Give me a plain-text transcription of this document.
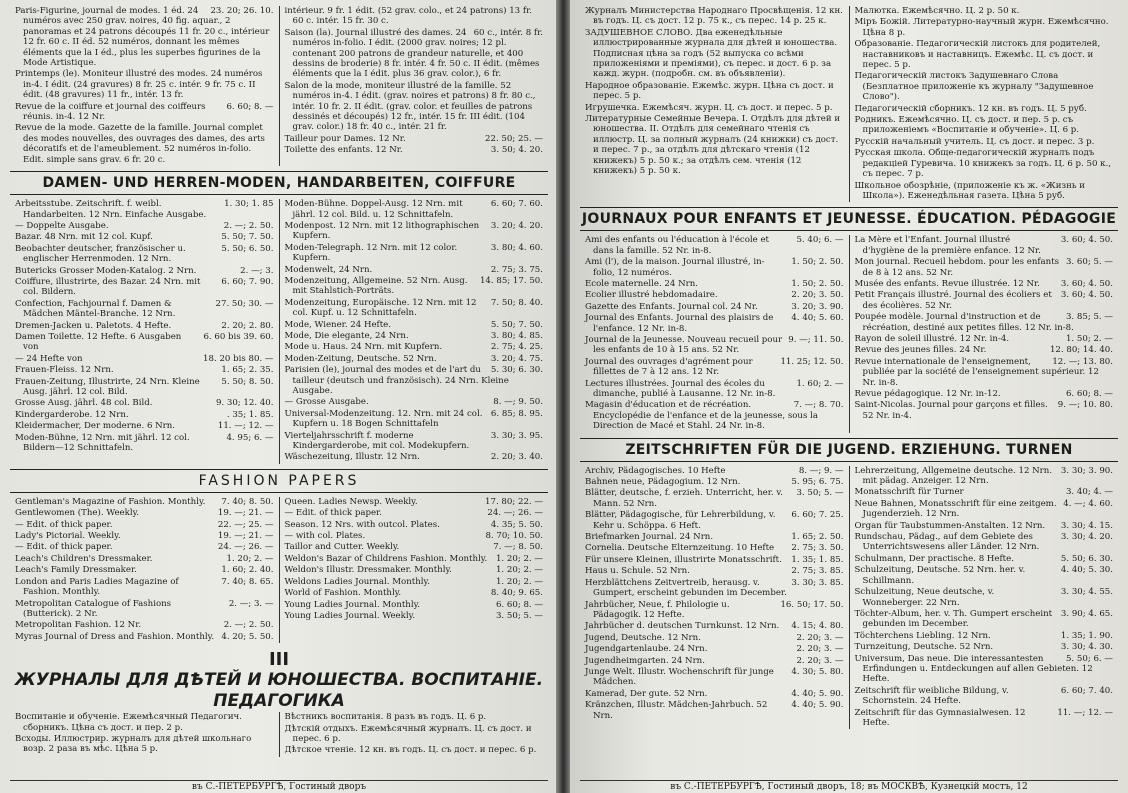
23. 20; 26. 10.
Paris-Figurine, journal de modes. 1 éd. 24 numéros avec 250 grav. noires, 40 fig. aquar., 2 panoramas et 24 patrons découpés 11 fr. 20 c., intérieur 12 fr. 60 c. II éd. 52 numéros, donnant les mêmes éléments que la I éd., plus les superbes figurines de la Mode Artistique.
Printemps (le). Moniteur illustré des modes. 24 numéros in-4. I édit. (24 gravures) 8 fr. 25 c. intér. 9 fr. 75 c. II édit. (48 gravures) 11 fr., intér. 13 fr.
6. 60; 8. —
Revue de la coiffure et journal des coiffeurs réunis. in-4. 12 Nr.
Revue de la mode. Gazette de la famille. Journal complet des modes nouvelles, des ouvrages des dames, des arts décoratifs et de l'ameublement. 52 numéros in-folio. Edit. simple sans grav. 6 fr. 20 c.
intérieur. 9 fr. 1 édit. (52 grav. colo., et 24 patrons) 13 fr. 60 c. intér. 15 fr. 30 c.
60 c., intér. 8 fr.
Saison (la). Journal illustré des dames. 24 numéros in-folio. I édit. (2000 grav. noires; 12 pl. contenant 200 patrons de grandeur naturelle, et 400 dessins de broderie) 8 fr. intér. 4 fr. 50 c. II édit. (mêmes éléments que la I édit. plus 36 grav. color.), 6 fr.
Salon de la mode, moniteur illustré de la famille. 52 numéros in-4. I édit. (grav. noires et patrons) 8 fr. 80 c., intér. 10 fr. 2. II édit. (grav. color. et feuilles de patrons dessinés et découpés) 12 fr., intér. 15 fr. III édit. (104 grav. color.) 18 fr. 40 c., intér. 21 fr.
22. 50; 25. —
Tailleur pour Dames. 12 Nr.
3. 50; 4. 20.
Toilette des enfants. 12 Nr.
DAMEN- UND HERREN-MODEN, HANDARBEITEN, COIFFURE
1. 30; 1. 85
Arbeitsstube. Zeitschrift. f. weibl. Handarbeiten. 12 Nrn. Einfache Ausgabe.
2. —; 2. 50.
— Doppelte Ausgabe.
5. 50; 7. 50.
Bazar. 48 Nrn. mit 12 col. Kupf.
5. 50; 6. 50.
Beobachter deutscher, französischer u. englischer Herrenmoden. 12 Nrn.
2. —; 3.
Butericks Grosser Moden-Katalog. 2 Nrn.
6. 60; 7. 90.
Coiffure, illustrirte, des Bazar. 24 Nrn. mit col. Bildern.
27. 50; 30. —
Confection, Fachjournal f. Damen & Mädchen Mäntel-Branche. 12 Nrn.
2. 20; 2. 80.
Dremen-Jacken u. Paletots. 4 Hefte.
6. 60 bis 39. 60.
Damen Toilette. 12 Hefte. 6 Ausgaben von
18. 20 bis 80. —
— 24 Hefte von
1. 65; 2. 35.
Frauen-Fleiss. 12 Nrn.
5. 50; 8. 50.
Frauen-Zeitung, Illustrirte, 24 Nrn. Kleine Ausg. jährl. 12 col. Bild.
9. 30; 12. 40.
Grosse Ausg. jährl. 48 col. Bild.
. 35; 1. 85.
Kindergarderobe. 12 Nrn.
11. —; 12. —
Kleidermacher, Der moderne. 6 Nrn.
4. 95; 6. —
Moden-Bühne, 12 Nrn. mit jährl. 12 col. Bildern—12 Schnittafeln.
6. 60; 7. 60.
Moden-Bühne. Doppel-Ausg. 12 Nrn. mit jährl. 12 col. Bild. u. 12 Schnittafeln.
3. 20; 4. 20.
Modenpost. 12 Nrn. mit 12 lithographischen Kupfern.
3. 80; 4. 60.
Moden-Telegraph. 12 Nrn. mit 12 color. Kupfern.
2. 75; 3. 75.
Modenwelt, 24 Nrn.
14. 85; 17. 50.
Modenzeitung, Allgemeine. 52 Nrn. Ausg. mit Stahlstich-Porträts.
7. 50; 8. 40.
Modenzeitung, Europäische. 12 Nrn. mit 12 col. Kupf. u. 12 Schnittafeln.
5. 50; 7. 50.
Mode, Wiener. 24 Hefte.
3. 80; 4. 85.
Mode, Die elegante, 24 Nrn.
2. 75; 4. 25.
Mode u. Haus. 24 Nrn. mit Kupfern.
3. 20; 4. 75.
Moden-Zeitung, Deutsche. 52 Nrn.
5. 30; 6. 30.
Parisien (le), journal des modes et de l'art du tailleur (deutsch und französisch). 24 Nrn. Kleine Ausgabe.
8. —; 9. 50.
— Grosse Ausgabe.
6. 85; 8. 95.
Universal-Modenzeitung. 12. Nrn. mit 24 col. Kupfern u. 18 Bogen Schnittafeln
3. 30; 3. 95.
Vierteljahrsschrift f. moderne Kindergarderobe, mit col. Modekupfern.
2. 20; 3. 40.
Wäschezeitung, Illustr. 12 Nrn.
FASHION PAPERS
7. 40; 8. 50.
Gentleman's Magazine of Fashion. Monthly.
19. —; 21. —
Gentlewomen (The). Weekly.
22. —; 25. —
— Edit. of thick paper.
19. —; 21. —
Lady's Pictorial. Weekly.
24. —; 26. —
— Edit. of thick paper.
1. 20; 2. —
Leach's Children's Dressmaker.
1. 60; 2. 40.
Leach's Family Dressmaker.
7. 40; 8. 65.
London and Paris Ladies Magazine of Fashion. Monthly.
2. —; 3. —
Metropolitan Catalogue of Fashions (Butterick). 2 Nr.
2. —; 2. 50.
Metropolitan Fashion. 12 Nr.
4. 20; 5. 50.
Myras Journal of Dress and Fashion. Monthly.
17. 80; 22. —
Queen. Ladies Newsp. Weekly.
24. —; 26. —
— Edit. of thick paper.
4. 35; 5. 50.
Season. 12 Nrs. with outcol. Plates.
8. 70; 10. 50.
— with col. Plates.
7. —; 8. 50.
Taillor and Cutter. Weekly.
1. 20; 2. —
Weldon's Bazar of Childrens Fashion. Monthly.
1. 20; 2. —
Weldon's Illustr. Dressmaker. Monthly.
1. 20; 2. —
Weldons Ladies Journal. Monthly.
8. 40; 9. 65.
World of Fashion. Monthly.
6. 60; 8. —
Young Ladies Journal. Monthly.
3. 50; 5. —
Young Ladies Journal. Weekly.
III
ЖУРНАЛЫ ДЛЯ ДѢТЕЙ И ЮНОШЕСТВА. ВОСПИТАНІЕ.
ПЕДАГОГИКА
Воспитаніе и обученіе. Ежемѣсячный Педагогич. сборникъ. Цѣна съ дост. и пер. 2 р.
Всходы. Иллюстрир. журналъ для дѣтей школьнаго возр. 2 раза въ мѣс. Цѣна 5 р.
Вѣстникъ воспитанія. 8 разъ въ годъ. Ц. 6 р.
Дѣтскій отдыхъ. Ежемѣсячный журналъ. Ц. съ дост. и перес. 6 р.
Дѣтское чтеніе. 12 кн. въ годъ. Ц. съ дост. и перес. 6 р.
въ С.-ПЕТЕРБУРГѢ, Гостиный дворъ
Журналъ Министерства Народнаго Просвѣщенія. 12 кн. въ годъ. Ц. съ дост. 12 р. 75 к., съ перес. 14 р. 25 к.
ЗАДУШЕВНОЕ СЛОВО. Два еженедѣльные иллюстрированные журнала для дѣтей и юношества. Подписная цѣна за годъ (52 выпуска со всѣми приложеніями и премiями), съ перес. и дост. 6 р. за кажд. журн. (подробн. см. въ объявленіи).
Народное образованіе. Ежемѣс. журн. Цѣна съ дост. и перес. 5 р.
Игрушечка. Ежемѣсяч. журн. Ц. съ дост. и перес. 5 р.
Литературные Семейные Вечера. I. Отдѣлъ для дѣтей и юношества. II. Отдѣлъ для семейнаго чтенія съ иллюстр. Ц. за полный журналъ (24 книжки) съ дост. и перес. 7 р., за отдѣлъ для дѣтскаго чтенія (12 книжекъ) 5 р. 50 к.; за отдѣлъ сем. чтенія (12 книжекъ) 5 р. 50 к.
Малютка. Ежемѣсячно. Ц. 2 р. 50 к.
Міръ Божій. Литературно-научный журн. Ежемѣсячно. Цѣна 8 р.
Образованіе. Педагогическій листокъ для родителей, наставниковъ и наставницъ. Ежемѣс. Ц. съ дост. и перес. 5 р.
Педагогическій листокъ Задушевнаго Слова (Безплатное приложеніе къ журналу "Задушевное Слово").
Педагогическій сборникъ. 12 кн. въ годъ. Ц. 5 руб.
Родникъ. Ежемѣсячно. Ц. съ дост. и пер. 5 р. съ приложеніемъ «Воспитаніе и обученіе». Ц. 6 р.
Русскій начальный учитель. Ц. съ дост. и перес. 3 р.
Русская школа. Обще-педагогическій журналъ подъ редакціей Гуревича. 10 книжекъ за годъ. Ц. 6 р. 50 к., съ перес. 7 р.
Школьное обозрѣніе, (приложеніе къ ж. «Жизнь и Школа»). Еженедѣльная газета. Цѣна 5 руб.
JOURNAUX POUR ENFANTS ET JEUNESSE. ÉDUCATION. PÉDAGOGIE
5. 40; 6. —
Ami des enfants ou l'éducation à l'école et dans la famille. 52 Nr. in-8.
1. 50; 2. 50.
Ami (l'), de la maison. Journal illustré, in-folio, 12 numéros.
1. 50; 2. 50.
Ecole maternelle. 24 Nrn.
2. 20; 3. 50.
Ecolier illustré hebdomadaire.
3. 20; 3. 90.
Gazette des Enfants. Journal col. 24 Nr.
4. 40; 5. 60.
Journal des Enfants. Journal des plaisirs de l'enfance. 12 Nr. in-8.
9. —; 11. 50.
Journal de la Jeunesse. Nouveau recueil pour les enfants de 10 à 15 ans. 52 Nr.
11. 25; 12. 50.
Journal des ouvrages d'agrément pour fillettes de 7 à 12 ans. 12 Nr.
1. 60; 2. —
Lectures illustrées. Journal des écoles du dimanche, publié à Lausanne. 12 Nr. in-8.
7. —; 8. 70.
Magasin d'éducation et de récréation. Encyclopédie de l'enfance et de la jeunesse, sous la Direction de Macé et Stahl. 24 Nr. in-8.
3. 60; 4. 50.
La Mère et l'Enfant. Journal illustré d'hygiène de la première enfance. 12 Nr.
3. 60; 5. —
Mon journal. Recueil hebdom. pour les enfants de 8 à 12 ans. 52 Nr.
3. 60; 4. 50.
Musée des enfants. Revue illustrée. 12 Nr.
3. 60; 4. 50.
Petit Français illustré. Journal des écoliers et des écolières. 52 Nr.
3. 85; 5. —
Poupée modèle. Journal d'instruction et de récréation, destiné aux petites filles. 12 Nr. in-8.
1. 50; 2. —
Rayon de soleil illustré. 12 Nr. in-4.
12. 80; 14. 40.
Revue des jeunes filles. 24 Nr.
12. —; 13. 80.
Revue internationale de l'enseignement, publiée par la société de l'enseignement supérieur. 12 Nr. in-8.
6. 60; 8. —
Revue pédagogique. 12 Nr. in-12.
9. —; 10. 80.
Saint-Nicolas. Journal pour garçons et filles. 52 Nr. in-4.
ZEITSCHRIFTEN FÜR DIE JUGEND. ERZIEHUNG. TURNEN
8. —; 9. —
Archiv, Pädagogisches. 10 Hefte
5. 95; 6. 75.
Bahnen neue, Pädagogium. 12 Nrn.
3. 50; 5. —
Blätter, deutsche, f. erzieh. Unterricht, her. v. Mann. 52 Nrn.
6. 60; 7. 25.
Blätter, Pädagogische, für Lehrerbildung, v. Kehr u. Schöppa. 6 Heft.
1. 65; 2. 50.
Briefmarken Journal. 24 Nrn.
2. 75; 3. 50.
Cornelia. Deutsche Elternzeitung. 10 Hefte
1. 35; 1. 85.
Für unsere Kleinen, illustrirte Monatsschrift.
2. 75; 3. 85.
Haus u. Schule. 52 Nrn.
3. 30; 3. 85.
Herzblättchens Zeitvertreib, herausg. v. Gumpert, erscheint gebunden im December.
16. 50; 17. 50.
Jahrbücher, Neue, f. Philologie u. Pädagogik. 12 Hefte.
4. 15; 4. 80.
Jahrbücher d. deutschen Turnkunst. 12 Nrn.
2. 20; 3. —
Jugend, Deutsche. 12 Nrn.
2. 20; 3. —
Jugendgartenlaube. 24 Nrn.
2. 20; 3. —
Jugendheimgarten. 24 Nrn.
4. 30; 5. 80.
Junge Welt. Illustr. Wochenschrift für junge Mädchen.
4. 40; 5. 90.
Kamerad, Der gute. 52 Nrn.
4. 40; 5. 90.
Kränzchen, Illustr. Mädchen-Jahrbuch. 52 Nrn.
3. 30; 3. 90.
Lehrerzeitung, Allgemeine deutsche. 12 Nrn. mit pädag. Anzeiger. 12 Nrn.
3. 40; 4. —
Monatsschrift für Turner
4. —; 4. 60.
Neue Bahnen, Monatsschrift für eine zeitgem. Jugenderzieh. 12 Nrn.
3. 30; 4. 15.
Organ für Taubstummen-Anstalten. 12 Nrn.
3. 30; 4. 20.
Rundschau, Pädag., auf dem Gebiete des Unterrichtswesens aller Länder. 12 Nrn.
5. 50; 6. 30.
Schulmann, Der practische. 8 Hefte.
4. 40; 5. 30.
Schulzeitung, Deutsche. 52 Nrn. her. v. Schillmann.
3. 30; 4. 55.
Schulzeitung, Neue deutsche, v. Wonneberger. 22 Nrn.
3. 90; 4. 65.
Töchter-Album, her. v. Th. Gumpert erscheint gebunden im December.
1. 35; 1. 90.
Töchterchens Liebling. 12 Nrn.
3. 30; 4. 30.
Turnzeitung, Deutsche. 52 Nrn.
5. 50; 6. —
Universum, Das neue. Die interessantesten Erfindungen u. Entdeckungen auf allen Gebieten. 12 Hefte.
6. 60; 7. 40.
Zeitschrift für weibliche Bildung, v. Schornstein. 24 Hefte.
11. —; 12. —
Zeitschrift für das Gymnasialwesen. 12 Hefte.
въ С.-ПЕТЕРБУРГѢ, Гостиный дворъ, 18; въ МОСКВѢ, Кузнецкій мостъ, 12
